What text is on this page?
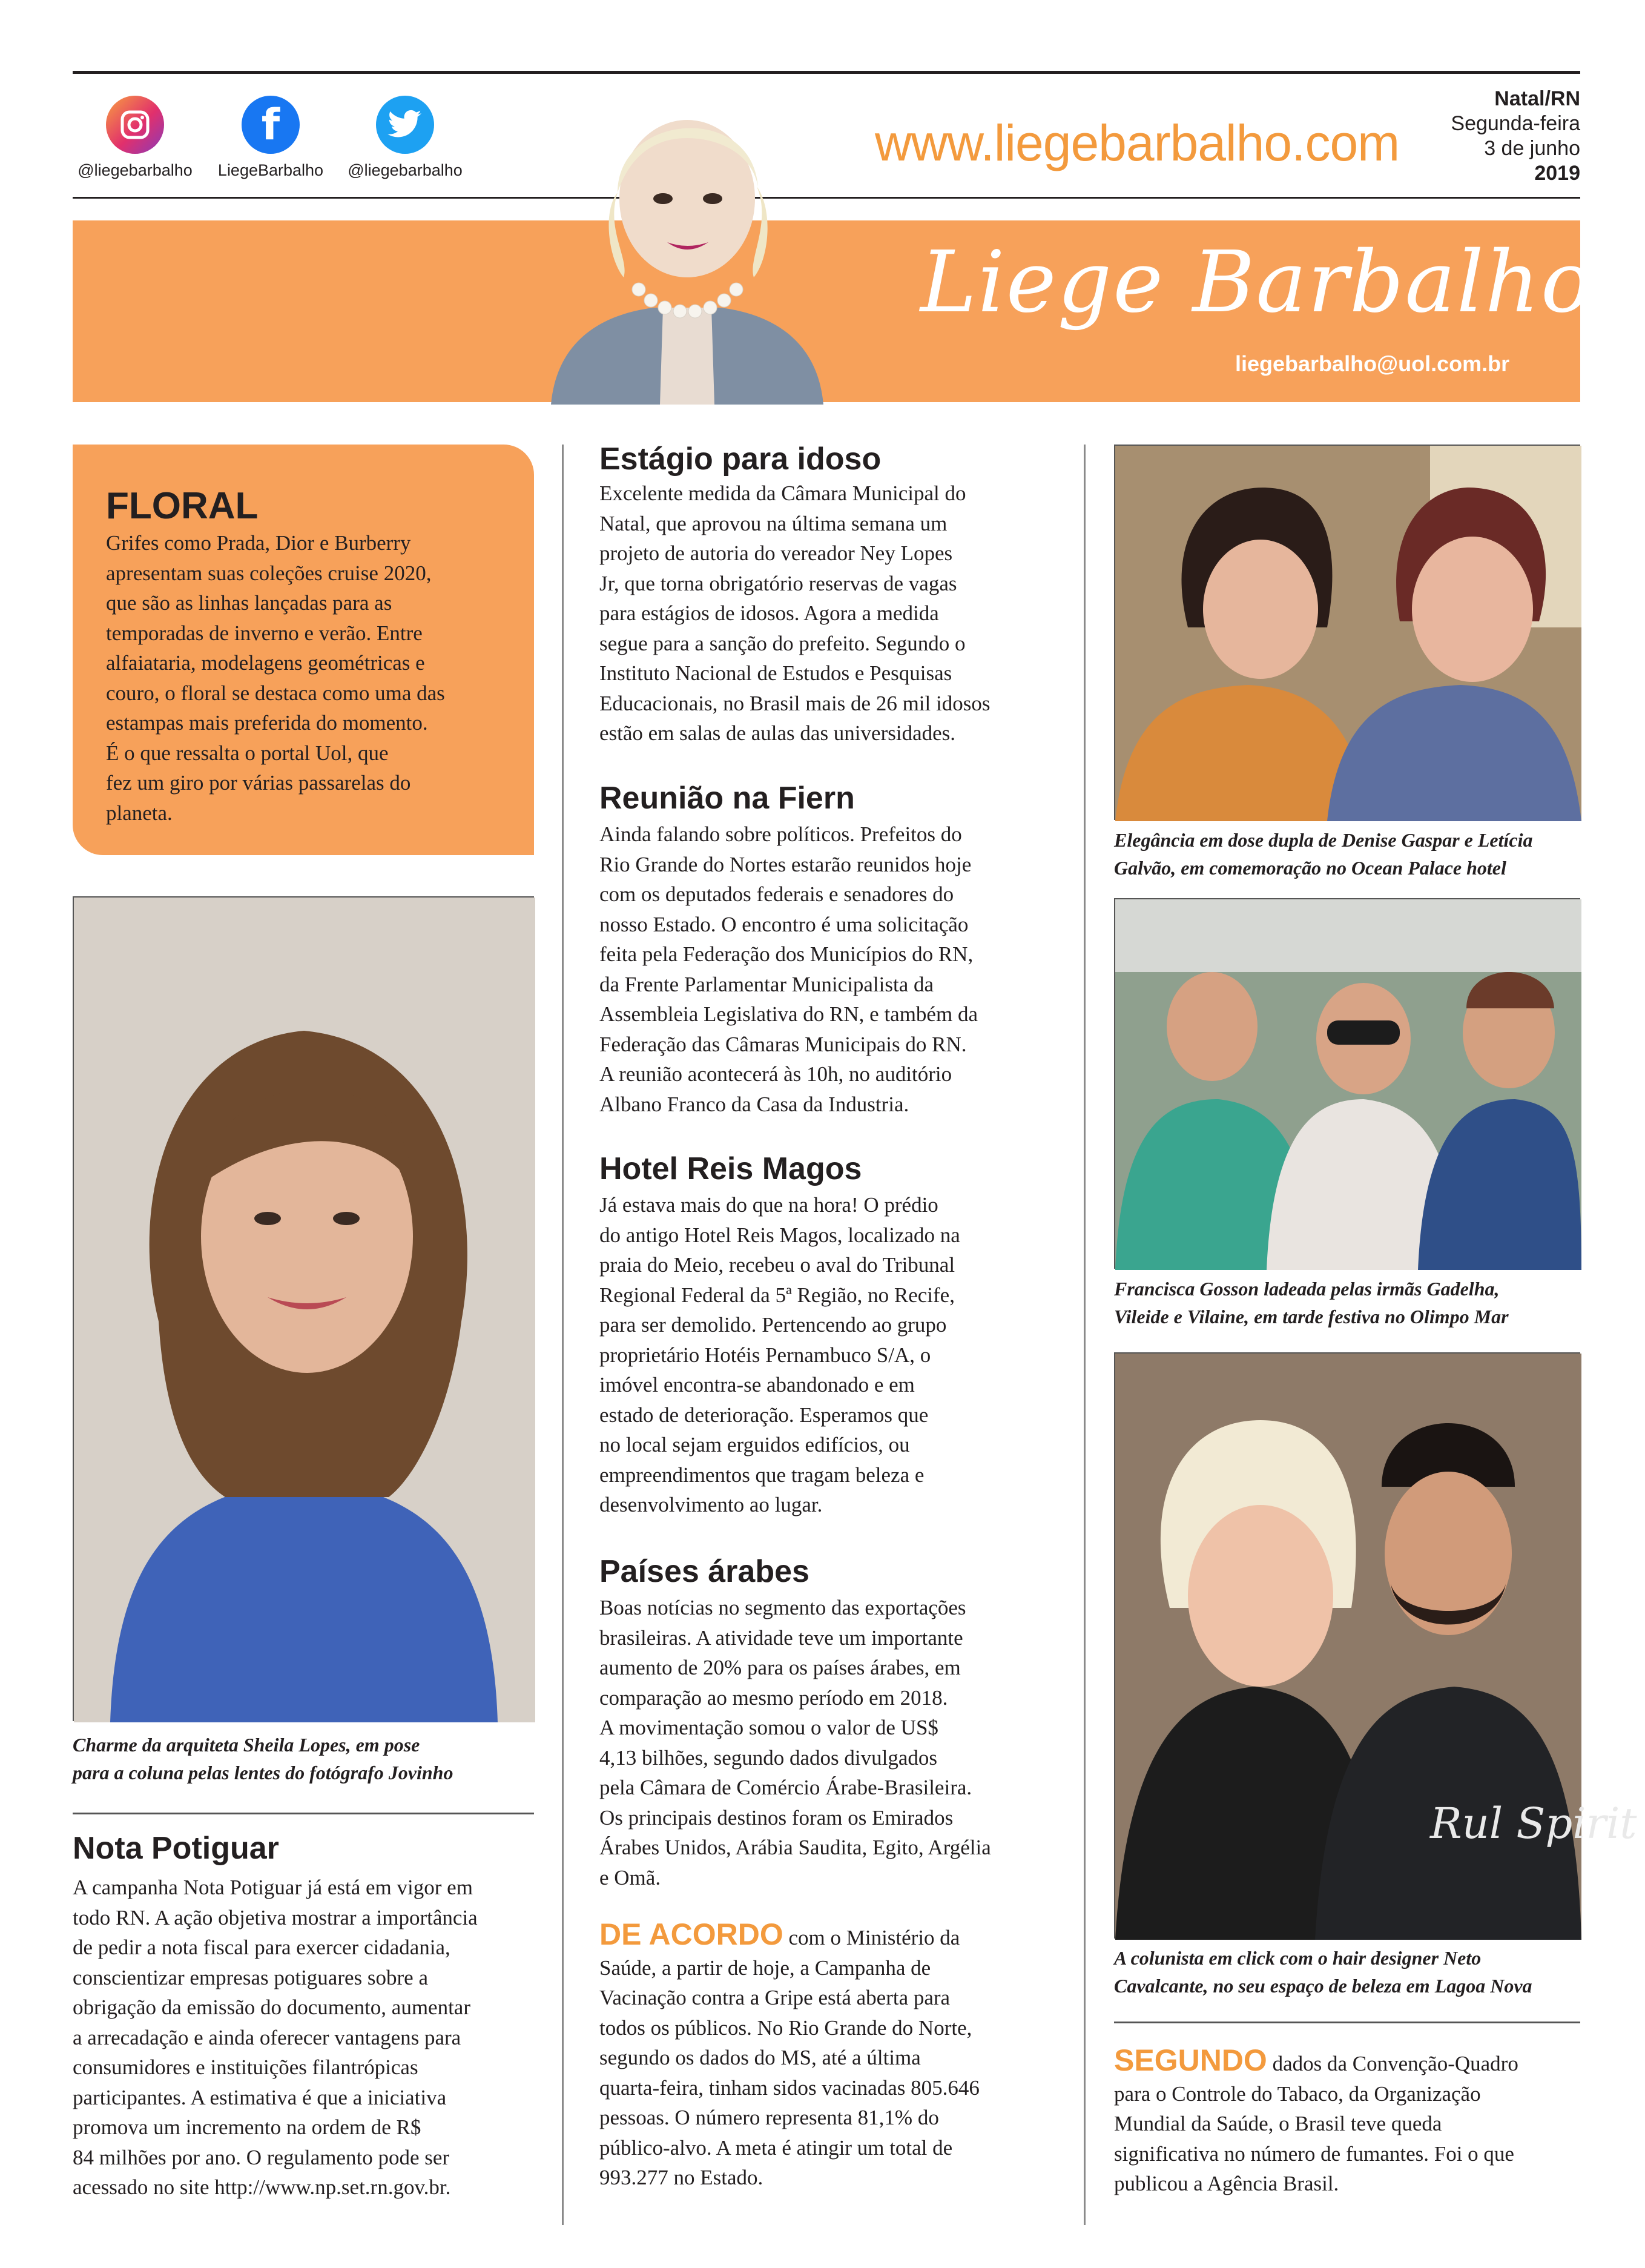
@liegebarbalho
f
LiegeBarbalho	@liegebarbalho	www.liegebarbalho.com
Natal/RN
Segunda-feira
3 de junho
2019
Liege Barbalho
liegebarbalho@uol.com.br
FLORAL
Grifes como Prada, Dior e Burberry
apresentam suas coleções cruise 2020,
que são as linhas lançadas para as
temporadas de inverno e verão. Entre
alfaiataria, modelagens geométricas e
couro, o floral se destaca como uma das
estampas mais preferida do momento.
É o que ressalta o portal Uol, que
fez um giro por várias passarelas do
planeta.
Charme da arquiteta Sheila Lopes, em pose
para a coluna pelas lentes do fotógrafo Jovinho
Nota Potiguar
A campanha Nota Potiguar já está em vigor em
todo RN. A ação objetiva mostrar a importância
de pedir a nota fiscal para exercer cidadania,
conscientizar empresas potiguares sobre a
obrigação da emissão do documento, aumentar
a arrecadação e ainda oferecer vantagens para
consumidores e instituições filantrópicas
participantes. A estimativa é que a iniciativa
promova um incremento na ordem de R$
84 milhões por ano. O regulamento pode ser
acessado no site http://www.np.set.rn.gov.br.
Estágio para idoso
Excelente medida da Câmara Municipal do
Natal, que aprovou na última semana um
projeto de autoria do vereador Ney Lopes
Jr, que torna obrigatório reservas de vagas
para estágios de idosos. Agora a medida
segue para a sanção do prefeito. Segundo o
Instituto Nacional de Estudos e Pesquisas
Educacionais, no Brasil mais de 26 mil idosos
estão em salas de aulas das universidades.
Reunião na Fiern
Ainda falando sobre políticos. Prefeitos do
Rio Grande do Nortes estarão reunidos hoje
com os deputados federais e senadores do
nosso Estado. O encontro é uma solicitação
feita pela Federação dos Municípios do RN,
da Frente Parlamentar Municipalista da
Assembleia Legislativa do RN, e também da
Federação das Câmaras Municipais do RN.
A reunião acontecerá às 10h, no auditório
Albano Franco da Casa da Industria.
Hotel Reis Magos
Já estava mais do que na hora! O prédio
do antigo Hotel Reis Magos, localizado na
praia do Meio, recebeu o aval do Tribunal
Regional Federal da 5ª Região, no Recife,
para ser demolido. Pertencendo ao grupo
proprietário Hotéis Pernambuco S/A, o
imóvel encontra-se abandonado e em
estado de deterioração. Esperamos que
no local sejam erguidos edifícios, ou
empreendimentos que tragam beleza e
desenvolvimento ao lugar.
Países árabes
Boas notícias no segmento das exportações
brasileiras. A atividade teve um importante
aumento de 20% para os países árabes, em
comparação ao mesmo período em 2018.
A movimentação somou o valor de US$
4,13 bilhões, segundo dados divulgados
pela Câmara de Comércio Árabe-Brasileira.
Os principais destinos foram os Emirados
Árabes Unidos, Arábia Saudita, Egito, Argélia
e Omã.
DE ACORDO com o Ministério da
Saúde, a partir de hoje, a Campanha de
Vacinação contra a Gripe está aberta para
todos os públicos. No Rio Grande do Norte,
segundo os dados do MS, até a última
quarta-feira, tinham sidos vacinadas 805.646
pessoas. O número representa 81,1% do
público-alvo. A meta é atingir um total de
993.277 no Estado.
Elegância em dose dupla de Denise Gaspar e Letícia
Galvão, em comemoração no Ocean Palace hotel
Francisca Gosson ladeada pelas irmãs Gadelha,
Vileide e Vilaine, em tarde festiva no Olimpo Mar
Rul Spirit
A colunista em click com o hair designer Neto
Cavalcante, no seu espaço de beleza em Lagoa Nova
SEGUNDO dados da Convenção-Quadro
para o Controle do Tabaco, da Organização
Mundial da Saúde, o Brasil teve queda
significativa no número de fumantes. Foi o que
publicou a Agência Brasil.
